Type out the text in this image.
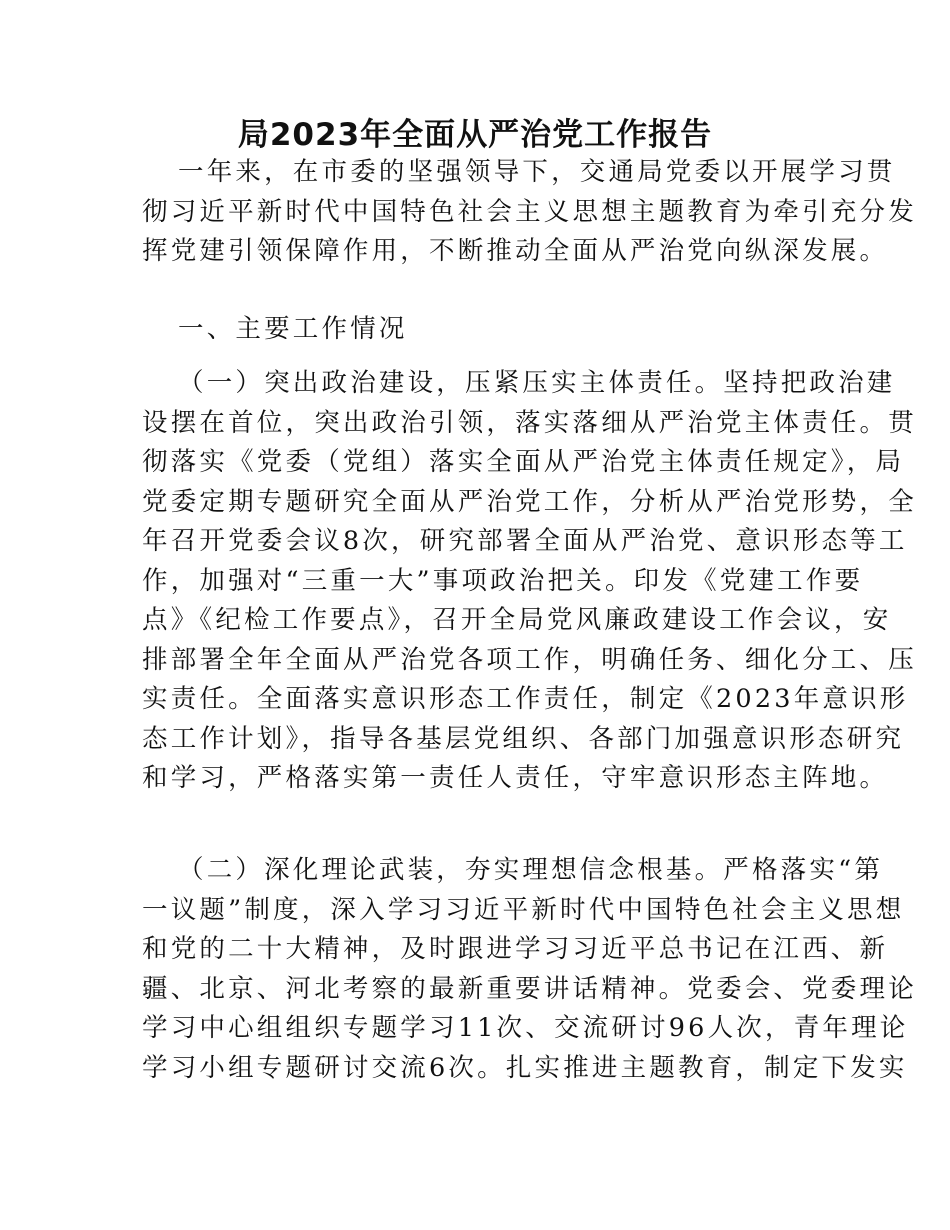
局2023年全面从严治党工作报告
一年来，在市委的坚强领导下，交通局党委以开展学习贯
彻习近平新时代中国特色社会主义思想主题教育为牵引充分发
挥党建引领保障作用，不断推动全面从严治党向纵深发展。
一、主要工作情况
（一）突出政治建设，压紧压实主体责任。坚持把政治建
设摆在首位，突出政治引领，落实落细从严治党主体责任。贯
彻落实《党委（党组）落实全面从严治党主体责任规定》，局
党委定期专题研究全面从严治党工作，分析从严治党形势，全
年召开党委会议8次，研究部署全面从严治党、意识形态等工
作，加强对“三重一大”事项政治把关。印发《党建工作要
点》《纪检工作要点》，召开全局党风廉政建设工作会议，安
排部署全年全面从严治党各项工作，明确任务、细化分工、压
实责任。全面落实意识形态工作责任，制定《2023年意识形
态工作计划》，指导各基层党组织、各部门加强意识形态研究
和学习，严格落实第一责任人责任，守牢意识形态主阵地。
（二）深化理论武装，夯实理想信念根基。严格落实“第
一议题”制度，深入学习习近平新时代中国特色社会主义思想
和党的二十大精神，及时跟进学习习近平总书记在江西、新
疆、北京、河北考察的最新重要讲话精神。党委会、党委理论
学习中心组组织专题学习11次、交流研讨96人次，青年理论
学习小组专题研讨交流6次。扎实推进主题教育，制定下发实
